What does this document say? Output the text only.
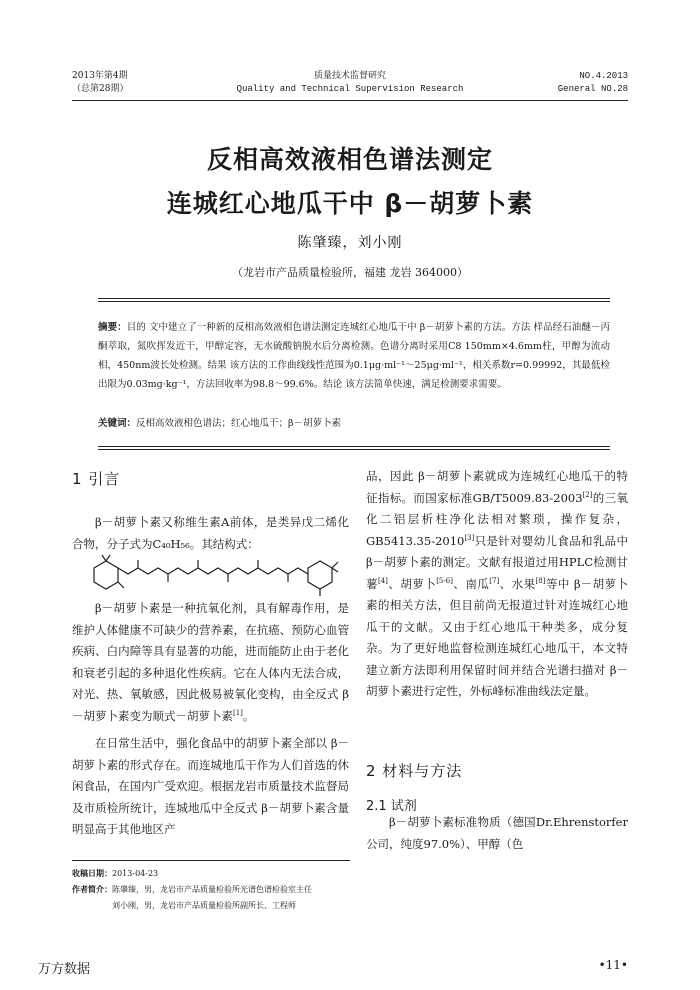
2013年第4期
（总第28期）
质量技术监督研究
Quality and Technical Supervision Research
NO.4.2013
General NO.28
反相高效液相色谱法测定
连城红心地瓜干中 β－胡萝卜素
陈肇臻，刘小刚
（龙岩市产品质量检验所，福建 龙岩 364000）
摘要：目的 文中建立了一种新的反相高效液相色谱法测定连城红心地瓜干中 β－胡萝卜素的方法。方法 样品经石油醚－丙酮萃取，氮吹挥发近干，甲醇定容，无水硫酸钠脱水后分离检测。色谱分离时采用C8 150mm×4.6mm柱，甲醇为流动相，450nm波长处检测。结果 该方法的工作曲线线性范围为0.1μg·ml⁻¹～25μg·ml⁻¹，相关系数r=0.99992，其最低检出限为0.03mg·kg⁻¹，方法回收率为98.8～99.6%。结论 该方法简单快速，满足检测要求需要。
关键词：反相高效液相色谱法；红心地瓜干；β－胡萝卜素
1 引言

β－胡萝卜素又称维生素A前体，是类异戊二烯化合物，分子式为C₄₀H₅₆。其结构式：

β－胡萝卜素是一种抗氧化剂，具有解毒作用，是维护人体健康不可缺少的营养素，在抗癌、预防心血管疾病、白内障等具有显著的功能，进而能防止由于老化和衰老引起的多种退化性疾病。它在人体内无法合成，对光、热、氧敏感，因此极易被氧化变构，由全反式 β－胡萝卜素变为顺式－胡萝卜素[1]。

在日常生活中，强化食品中的胡萝卜素全部以 β－胡萝卜素的形式存在。而连城地瓜干作为人们首选的休闲食品，在国内广受欢迎。根据龙岩市质量技术监督局及市质检所统计，连城地瓜中全反式 β－胡萝卜素含量明显高于其他地区产

品，因此 β－胡萝卜素就成为连城红心地瓜干的特征指标。而国家标准GB/T5009.83-2003[2]的三氧化二铝层析柱净化法相对繁琐，操作复杂，GB5413.35-2010[3]只是针对婴幼儿食品和乳品中 β－胡萝卜素的测定。文献有报道过用HPLC检测甘薯[4]、胡萝卜[5-6]、南瓜[7]、水果[8]等中 β－胡萝卜素的相关方法，但目前尚无报道过针对连城红心地瓜干的文献。又由于红心地瓜干种类多，成分复杂。为了更好地监督检测连城红心地瓜干，本文特建立新方法即利用保留时间并结合光谱扫描对 β－胡萝卜素进行定性，外标峰标准曲线法定量。

2 材料与方法
2.1 试剂

β－胡萝卜素标准物质（德国Dr.Ehrenstorfer公司，纯度97.0%）、甲醇（色

收稿日期：2013-04-23
作者简介：陈肇臻，男，龙岩市产品质量检验所光谱色谱检验室主任
刘小刚，男，龙岩市产品质量检验所副所长、工程师
万方数据	•11•
